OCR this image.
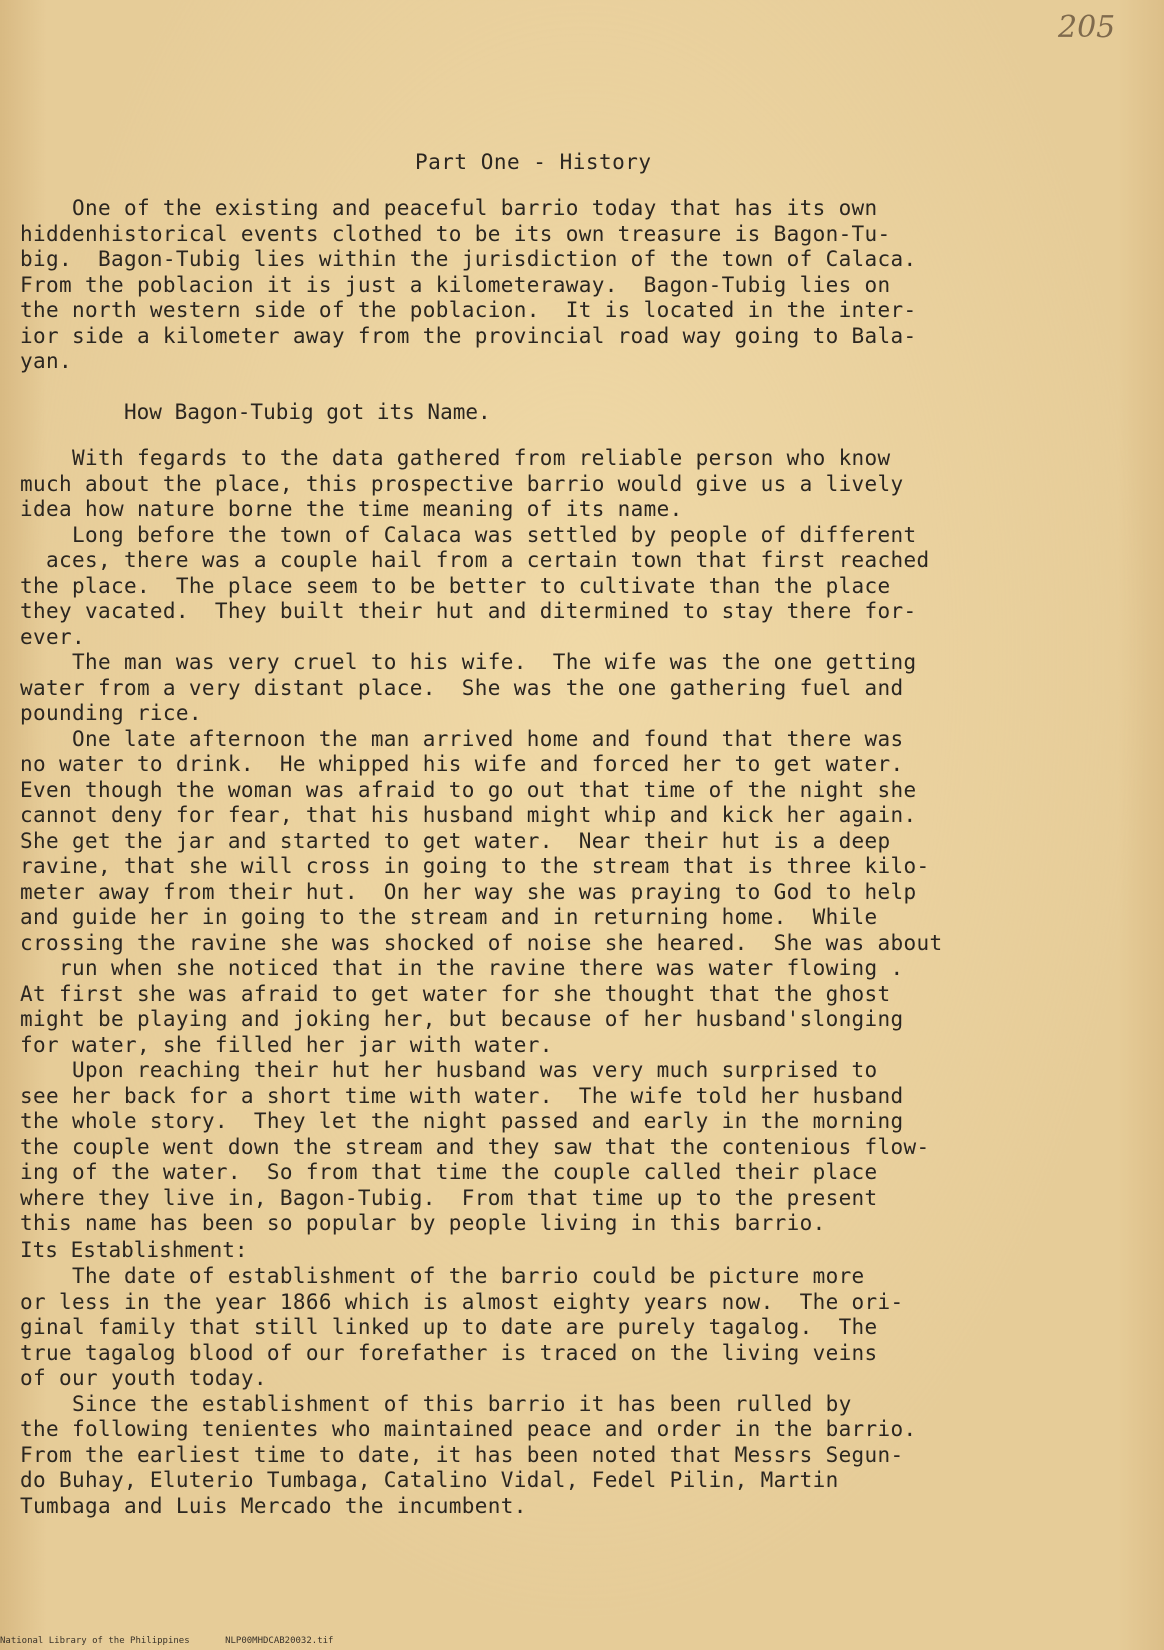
205
Part One - History
One of the existing and peaceful barrio today that has its own
hiddenhistorical events clothed to be its own treasure is Bagon-Tu-
big.  Bagon-Tubig lies within the jurisdiction of the town of Calaca.
From the poblacion it is just a kilometeraway.  Bagon-Tubig lies on
the north western side of the poblacion.  It is located in the inter-
ior side a kilometer away from the provincial road way going to Bala-
yan.
How Bagon-Tubig got its Name.
With fegards to the data gathered from reliable person who know
much about the place, this prospective barrio would give us a lively
idea how nature borne the time meaning of its name.
Long before the town of Calaca was settled by people of different
aces, there was a couple hail from a certain town that first reached
the place.  The place seem to be better to cultivate than the place
they vacated.  They built their hut and ditermined to stay there for-
ever.
The man was very cruel to his wife.  The wife was the one getting
water from a very distant place.  She was the one gathering fuel and
pounding rice.
One late afternoon the man arrived home and found that there was
no water to drink.  He whipped his wife and forced her to get water.
Even though the woman was afraid to go out that time of the night she
cannot deny for fear, that his husband might whip and kick her again.
She get the jar and started to get water.  Near their hut is a deep
ravine, that she will cross in going to the stream that is three kilo-
meter away from their hut.  On her way she was praying to God to help
and guide her in going to the stream and in returning home.  While
crossing the ravine she was shocked of noise she heared.  She was about
run when she noticed that in the ravine there was water flowing .
At first she was afraid to get water for she thought that the ghost
might be playing and joking her, but because of her husband'slonging
for water, she filled her jar with water.
Upon reaching their hut her husband was very much surprised to
see her back for a short time with water.  The wife told her husband
the whole story.  They let the night passed and early in the morning
the couple went down the stream and they saw that the contenious flow-
ing of the water.  So from that time the couple called their place
where they live in, Bagon-Tubig.  From that time up to the present
this name has been so popular by people living in this barrio.
Its Establishment:
The date of establishment of the barrio could be picture more
or less in the year 1866 which is almost eighty years now.  The ori-
ginal family that still linked up to date are purely tagalog.  The
true tagalog blood of our forefather is traced on the living veins
of our youth today.
Since the establishment of this barrio it has been rulled by
the following tenientes who maintained peace and order in the barrio.
From the earliest time to date, it has been noted that Messrs Segun-
do Buhay, Eluterio Tumbaga, Catalino Vidal, Fedel Pilin, Martin
Tumbaga and Luis Mercado the incumbent.
National Library of the Philippines	NLP00MHDCAB20032.tif
